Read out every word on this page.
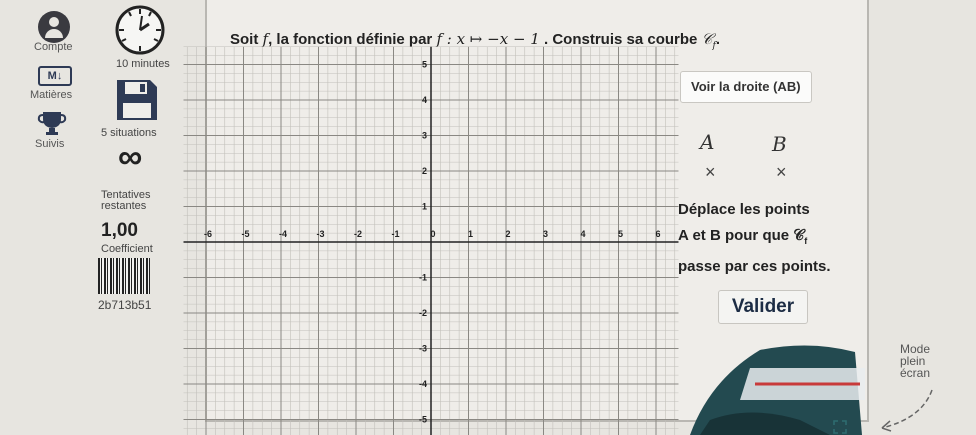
Compte
M↓
Matières
Suivis
10 minutes
5 situations
∞
Tentatives
restantes
1,00
Coefficient
2b713b51
Soit f, la fonction définie par f : x ↦ −x − 1 . Construis sa courbe 𝒞$_f$.
-6	-5	-4	-3	-2	-1	0	1	2	3	4	5	6
5
4
3
2
1
-1
-2
-3
-4
-5
Voir la droite (AB)
A	B
×	×
Déplace les points
A et B pour que 𝒞$_f$
passe par ces points.
Valider
Mode
plein
écran
